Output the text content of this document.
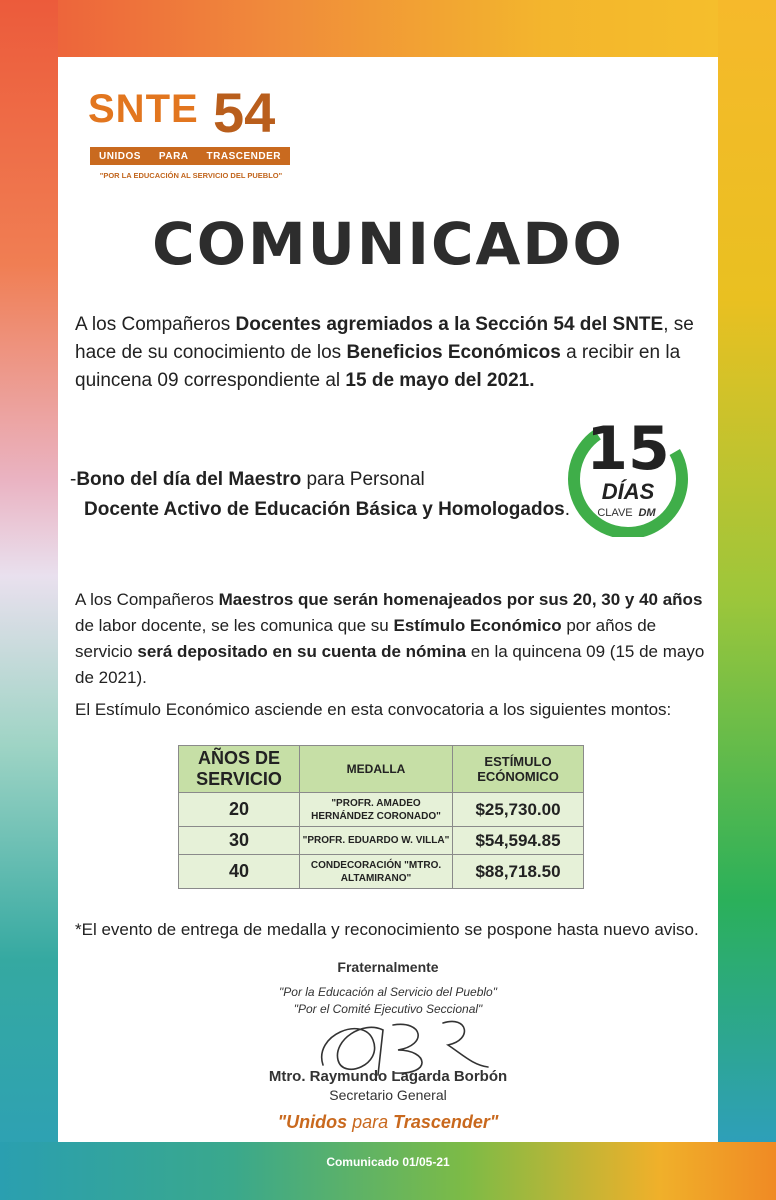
SNTE 54
UNIDOS PARA TRASCENDER
"POR LA EDUCACIÓN AL SERVICIO DEL PUEBLO"
COMUNICADO
A los Compañeros Docentes agremiados a la Sección 54 del SNTE, se hace de su conocimiento de los Beneficios Económicos a recibir en la quincena 09 correspondiente al 15 de mayo del 2021.
-Bono del día del Maestro para Personal
Docente Activo de Educación Básica y Homologados.
15
DÍAS
CLAVE DM
A los Compañeros Maestros que serán homenajeados por sus 20, 30 y 40 años de labor docente, se les comunica que su Estímulo Económico por años de servicio será depositado en su cuenta de nómina en la quincena 09 (15 de mayo de 2021).
El Estímulo Económico asciende en esta convocatoria a los siguientes montos:
AÑOS DE SERVICIO	MEDALLA	ESTÍMULO ECÓNOMICO
20	"PROFR. AMADEO HERNÁNDEZ CORONADO"	$25,730.00
30	"PROFR. EDUARDO W. VILLA"	$54,594.85
40	CONDECORACIÓN "MTRO. ALTAMIRANO"	$88,718.50
*El evento de entrega de medalla y reconocimiento se pospone hasta nuevo aviso.
Fraternalmente
"Por la Educación al Servicio del Pueblo"
"Por el Comité Ejecutivo Seccional"
Mtro. Raymundo Lagarda Borbón
Secretario General
"Unidos para Trascender"
Comunicado 01/05-21
